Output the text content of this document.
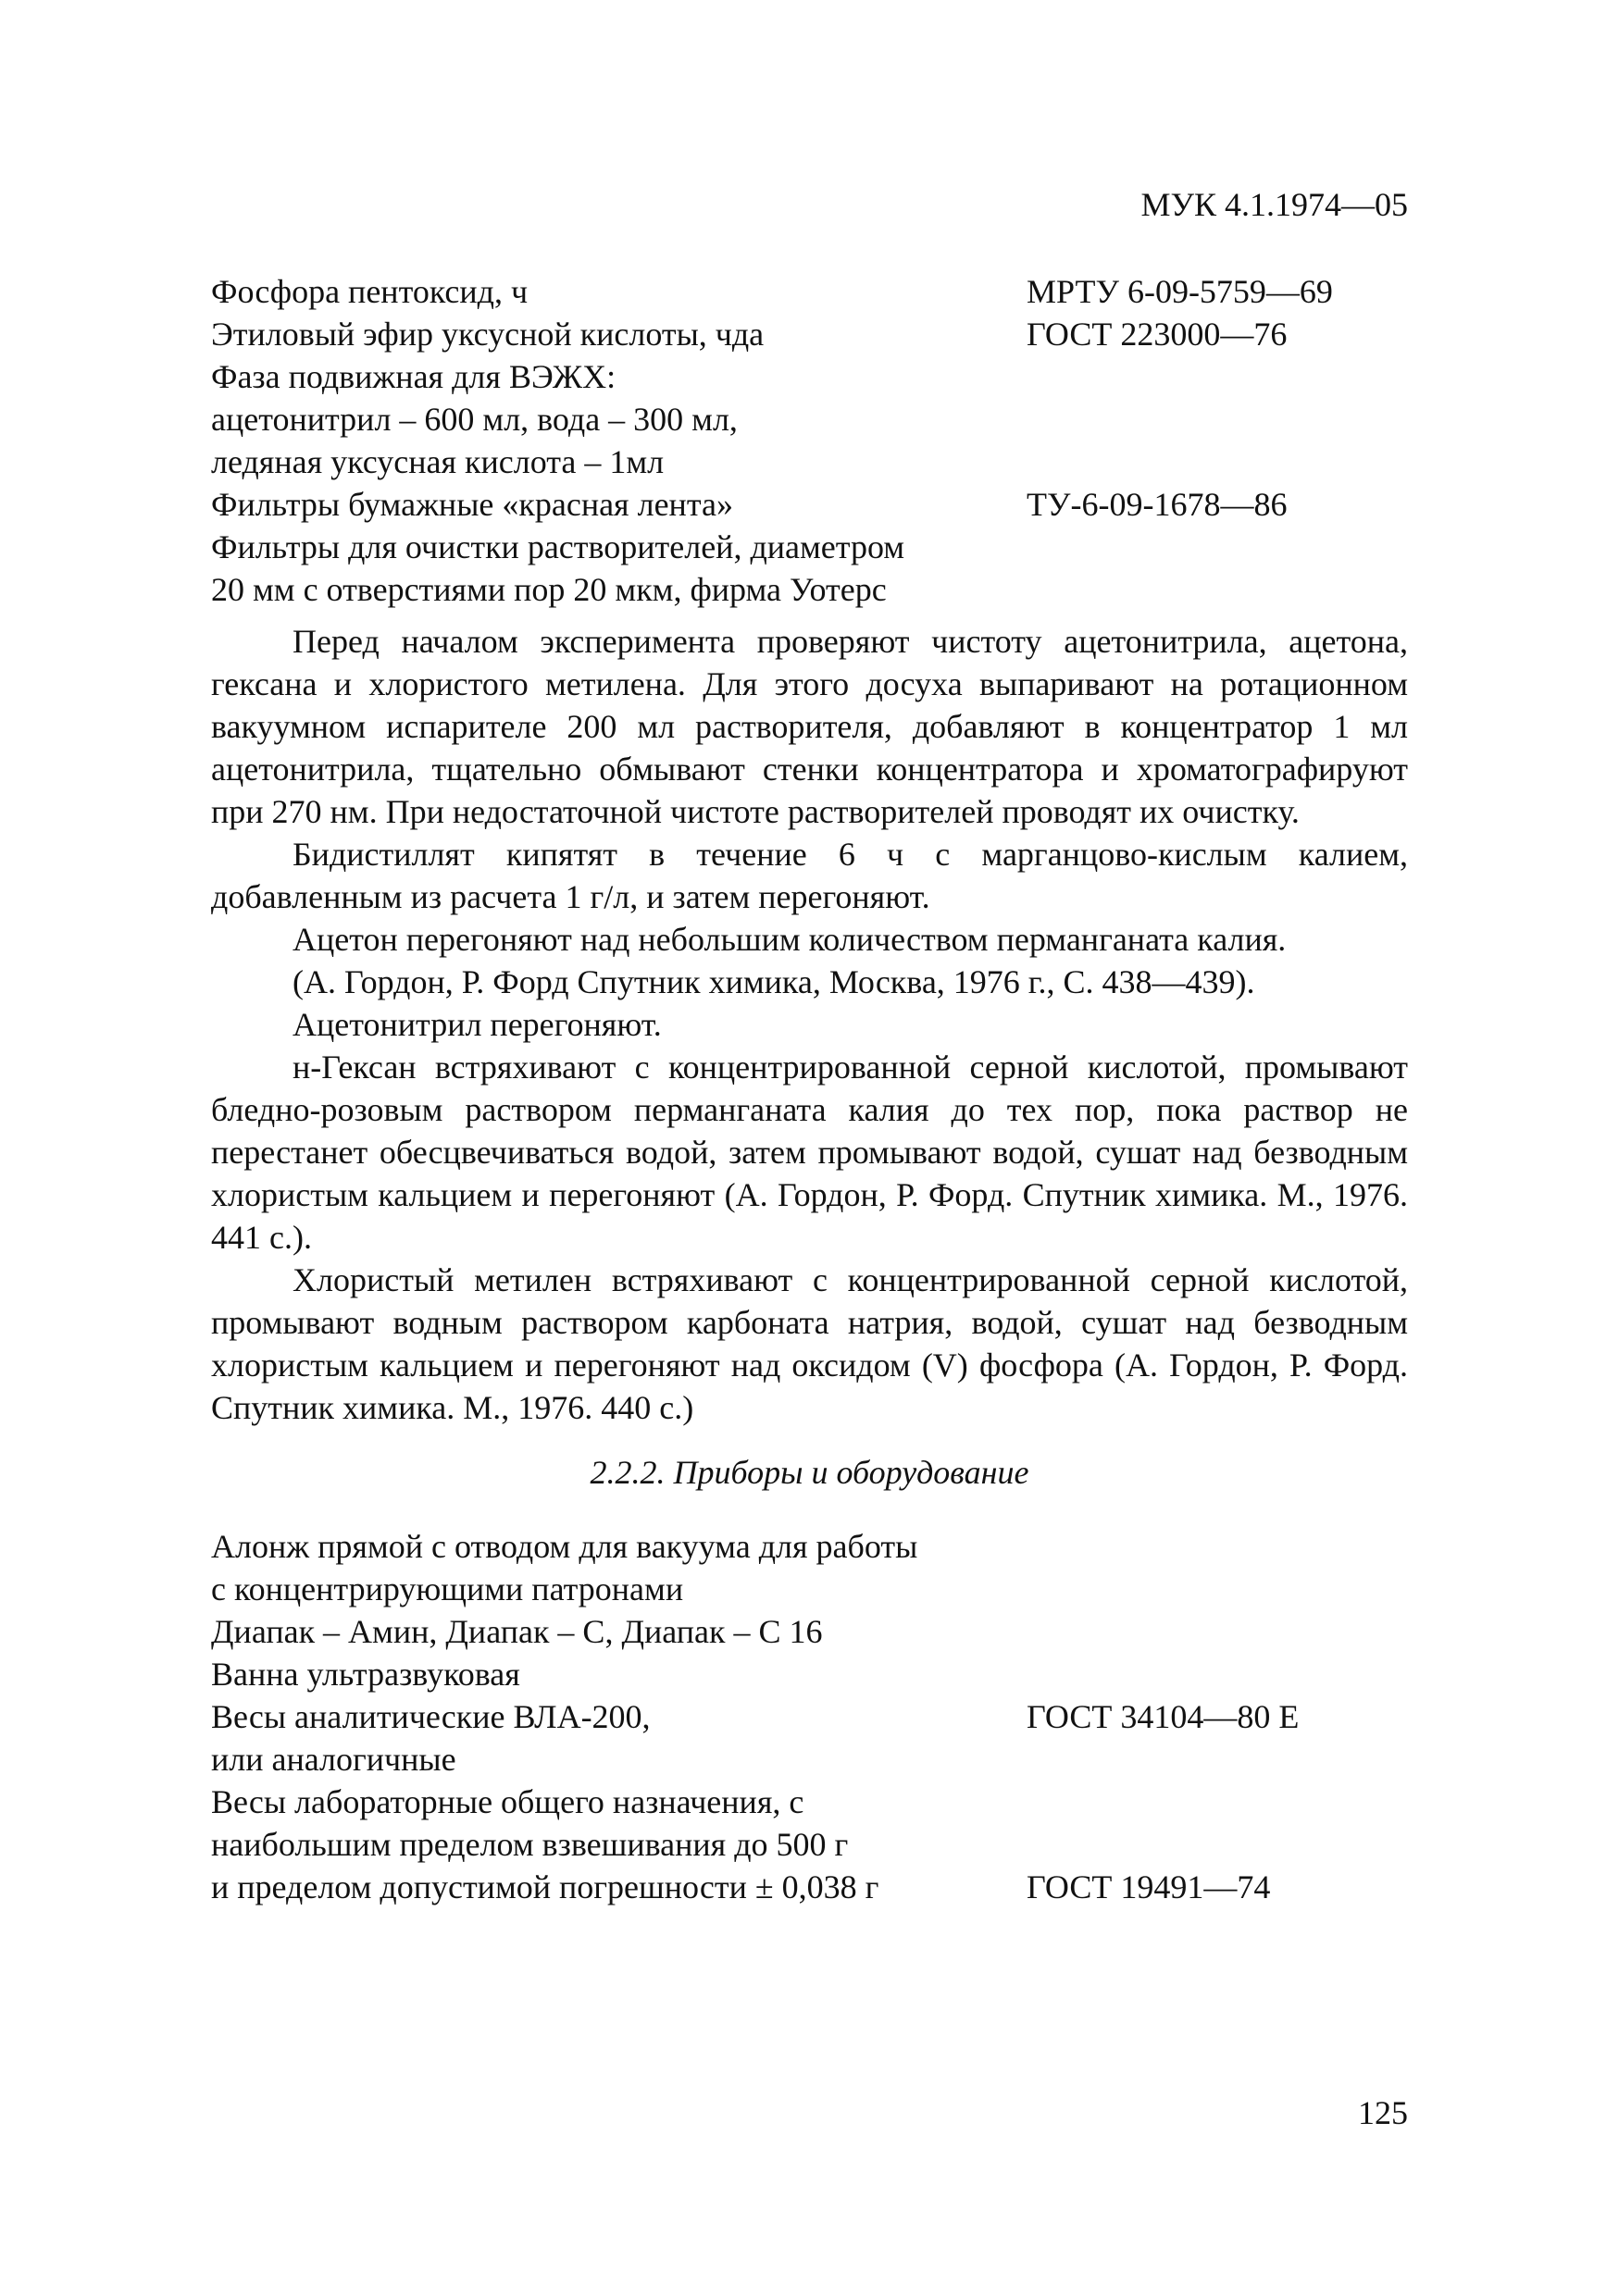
МУК 4.1.1974—05
Фосфора пентоксид, ч	МРТУ 6-09-5759—69
Этиловый эфир уксусной кислоты, чда	ГОСТ 223000—76
Фаза подвижная для ВЭЖХ:
ацетонитрил – 600 мл, вода – 300 мл,
ледяная уксусная кислота – 1мл
Фильтры бумажные «красная лента»	ТУ-6-09-1678—86
Фильтры для очистки растворителей, диаметром
20 мм с отверстиями пор 20 мкм, фирма Уотерс

Перед началом эксперимента проверяют чистоту ацетонитрила, ацетона, гексана и хлористого метилена. Для этого досуха выпаривают на ротационном вакуумном испарителе 200 мл растворителя, добавляют в концентратор 1 мл ацетонитрила, тщательно обмывают стенки концентратора и хроматографируют при 270 нм. При недостаточной чистоте растворителей проводят их очистку.

Бидистиллят кипятят в течение 6 ч с марганцово-кислым калием, добавленным из расчета 1 г/л, и затем перегоняют.

Ацетон перегоняют над небольшим количеством перманганата калия.

(А. Гордон, Р. Форд Спутник химика, Москва, 1976 г., С. 438—439).

Ацетонитрил перегоняют.

н-Гексан встряхивают с концентрированной серной кислотой, промывают бледно-розовым раствором перманганата калия до тех пор, пока раствор не перестанет обесцвечиваться водой, затем промывают водой, сушат над безводным хлористым кальцием и перегоняют (А. Гордон, Р. Форд. Спутник химика. М., 1976. 441 с.).

Хлористый метилен встряхивают с концентрированной серной кислотой, промывают водным раствором карбоната натрия, водой, сушат над безводным хлористым кальцием и перегоняют над оксидом (V) фосфора (А. Гордон, Р. Форд. Спутник химика. М., 1976. 440 с.)

2.2.2. Приборы и оборудование

Алонж прямой с отводом для вакуума для работы
с концентрирующими патронами
Диапак – Амин, Диапак – С, Диапак – С 16
Ванна ультразвуковая
Весы аналитические ВЛА-200,	ГОСТ 34104—80 Е
или аналогичные
Весы лабораторные общего назначения, с
наибольшим пределом взвешивания до 500 г
и пределом допустимой погрешности ± 0,038 г	ГОСТ 19491—74
125
